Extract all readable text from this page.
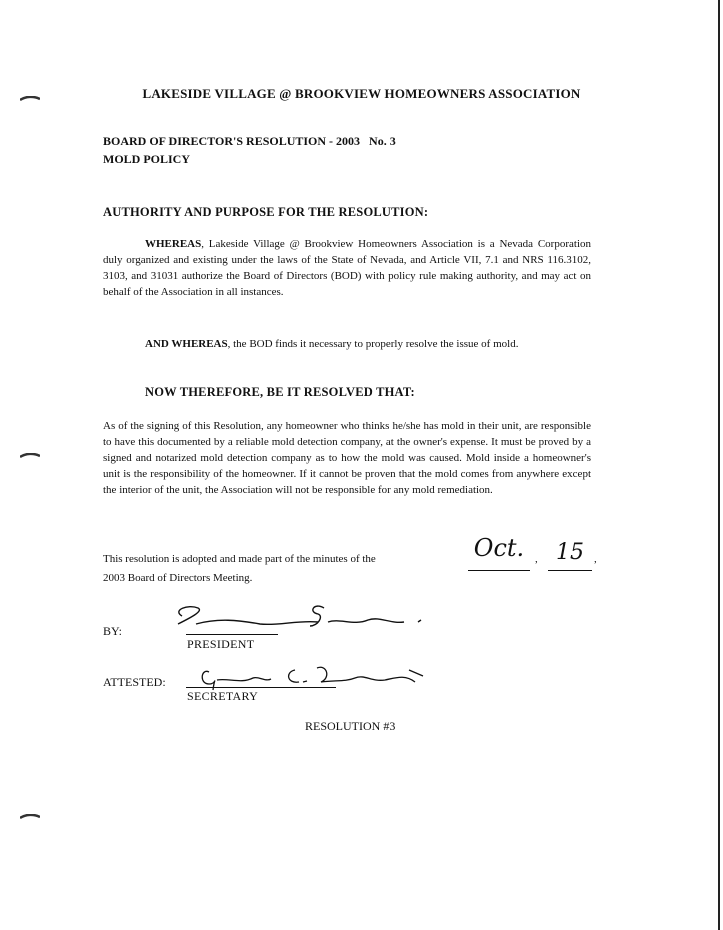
LAKESIDE VILLAGE @ BROOKVIEW HOMEOWNERS ASSOCIATION

BOARD OF DIRECTOR'S RESOLUTION - 2003   No. 3

MOLD POLICY

AUTHORITY AND PURPOSE FOR THE RESOLUTION:

WHEREAS, Lakeside Village @ Brookview Homeowners Association is a Nevada Corporation duly organized and existing under the laws of the State of Nevada, and Article VII, 7.1 and NRS 116.3102, 3103, and 31031 authorize the Board of Directors (BOD) with policy rule making authority, and may act on behalf of the Association in all instances.

AND WHEREAS, the BOD finds it necessary to properly resolve the issue of mold.

NOW THEREFORE, BE IT RESOLVED THAT:

As of the signing of this Resolution, any homeowner who thinks he/she has mold in their unit, are responsible to have this documented by a reliable mold detection company, at the owner's expense. It must be proved by a signed and notarized mold detection company as to how the mold was caused. Mold inside a homeowner's unit is the responsibility of the homeowner. If it cannot be proven that the mold comes from anywhere except the interior of the unit, the Association will not be responsible for any mold remediation.

This resolution is adopted and made part of the minutes of the	Oct. , 15 ,

2003 Board of Directors Meeting.

BY:
PRESIDENT
ATTESTED:
SECRETARY

RESOLUTION #3
